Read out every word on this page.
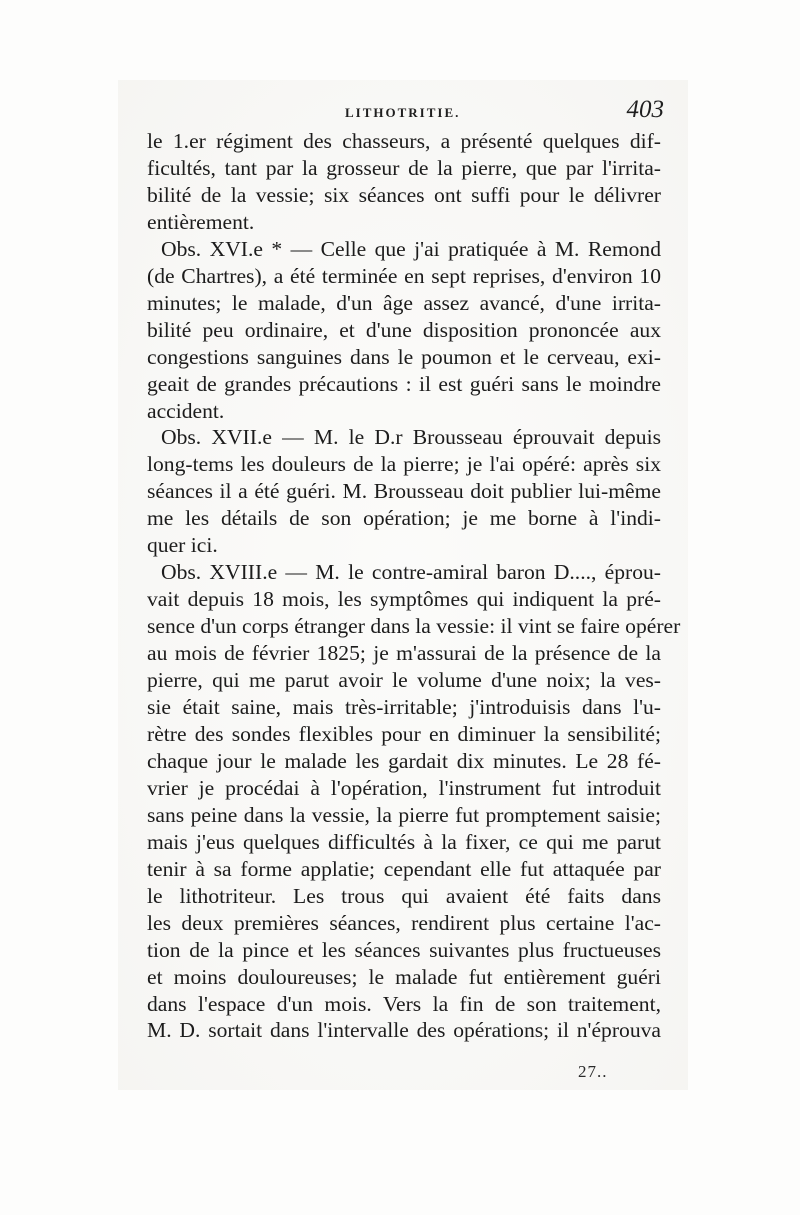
LITHOTRITIE.	403
le 1.er régiment des chasseurs, a présenté quelques dif-
ficultés, tant par la grosseur de la pierre, que par l'irrita-
bilité de la vessie; six séances ont suffi pour le délivrer
entièrement.
Obs. XVI.e * — Celle que j'ai pratiquée à M. Remond
(de Chartres), a été terminée en sept reprises, d'environ 10
minutes; le malade, d'un âge assez avancé, d'une irrita-
bilité peu ordinaire, et d'une disposition prononcée aux
congestions sanguines dans le poumon et le cerveau, exi-
geait de grandes précautions : il est guéri sans le moindre
accident.
Obs. XVII.e — M. le D.r Brousseau éprouvait depuis
long-tems les douleurs de la pierre; je l'ai opéré: après six
séances il a été guéri. M. Brousseau doit publier lui-même
me les détails de son opération; je me borne à l'indi-
quer ici.
Obs. XVIII.e — M. le contre-amiral baron D...., éprou-
vait depuis 18 mois, les symptômes qui indiquent la pré-
sence d'un corps étranger dans la vessie: il vint se faire opérer
au mois de février 1825; je m'assurai de la présence de la
pierre, qui me parut avoir le volume d'une noix; la ves-
sie était saine, mais très-irritable; j'introduisis dans l'u-
rètre des sondes flexibles pour en diminuer la sensibilité;
chaque jour le malade les gardait dix minutes. Le 28 fé-
vrier je procédai à l'opération, l'instrument fut introduit
sans peine dans la vessie, la pierre fut promptement saisie;
mais j'eus quelques difficultés à la fixer, ce qui me parut
tenir à sa forme applatie; cependant elle fut attaquée par
le lithotriteur. Les trous qui avaient été faits dans
les deux premières séances, rendirent plus certaine l'ac-
tion de la pince et les séances suivantes plus fructueuses
et moins douloureuses; le malade fut entièrement guéri
dans l'espace d'un mois. Vers la fin de son traitement,
M. D. sortait dans l'intervalle des opérations; il n'éprouva
27..
